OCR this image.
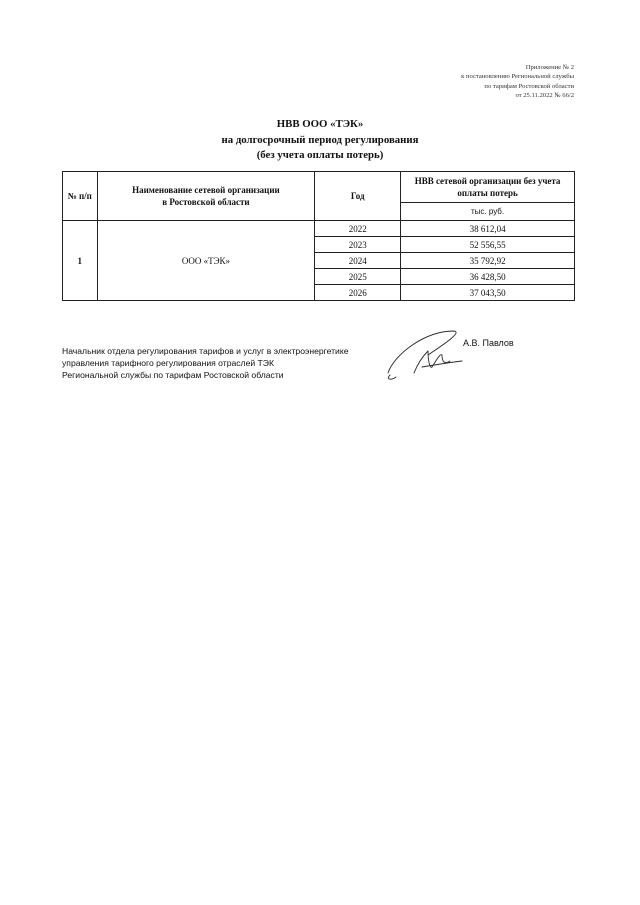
Приложение № 2
к постановлению Региональной службы
по тарифам Ростовской области
от 25.11.2022 № 66/2
НВВ ООО «ТЭК»
на долгосрочный период регулирования
(без учета оплаты потерь)
№ п/п	Наименование сетевой организации в Ростовской области	Год	НВВ сетевой организации без учета оплаты потерь
			тыс. руб.
1	ООО «ТЭК»	2022	38 612,04
		2023	52 556,55
		2024	35 792,92
		2025	36 428,50
		2026	37 043,50
Начальник отдела регулирования тарифов и услуг в электроэнергетике
управления тарифного регулирования отраслей ТЭК
Региональной службы по тарифам Ростовской области
А.В. Павлов
